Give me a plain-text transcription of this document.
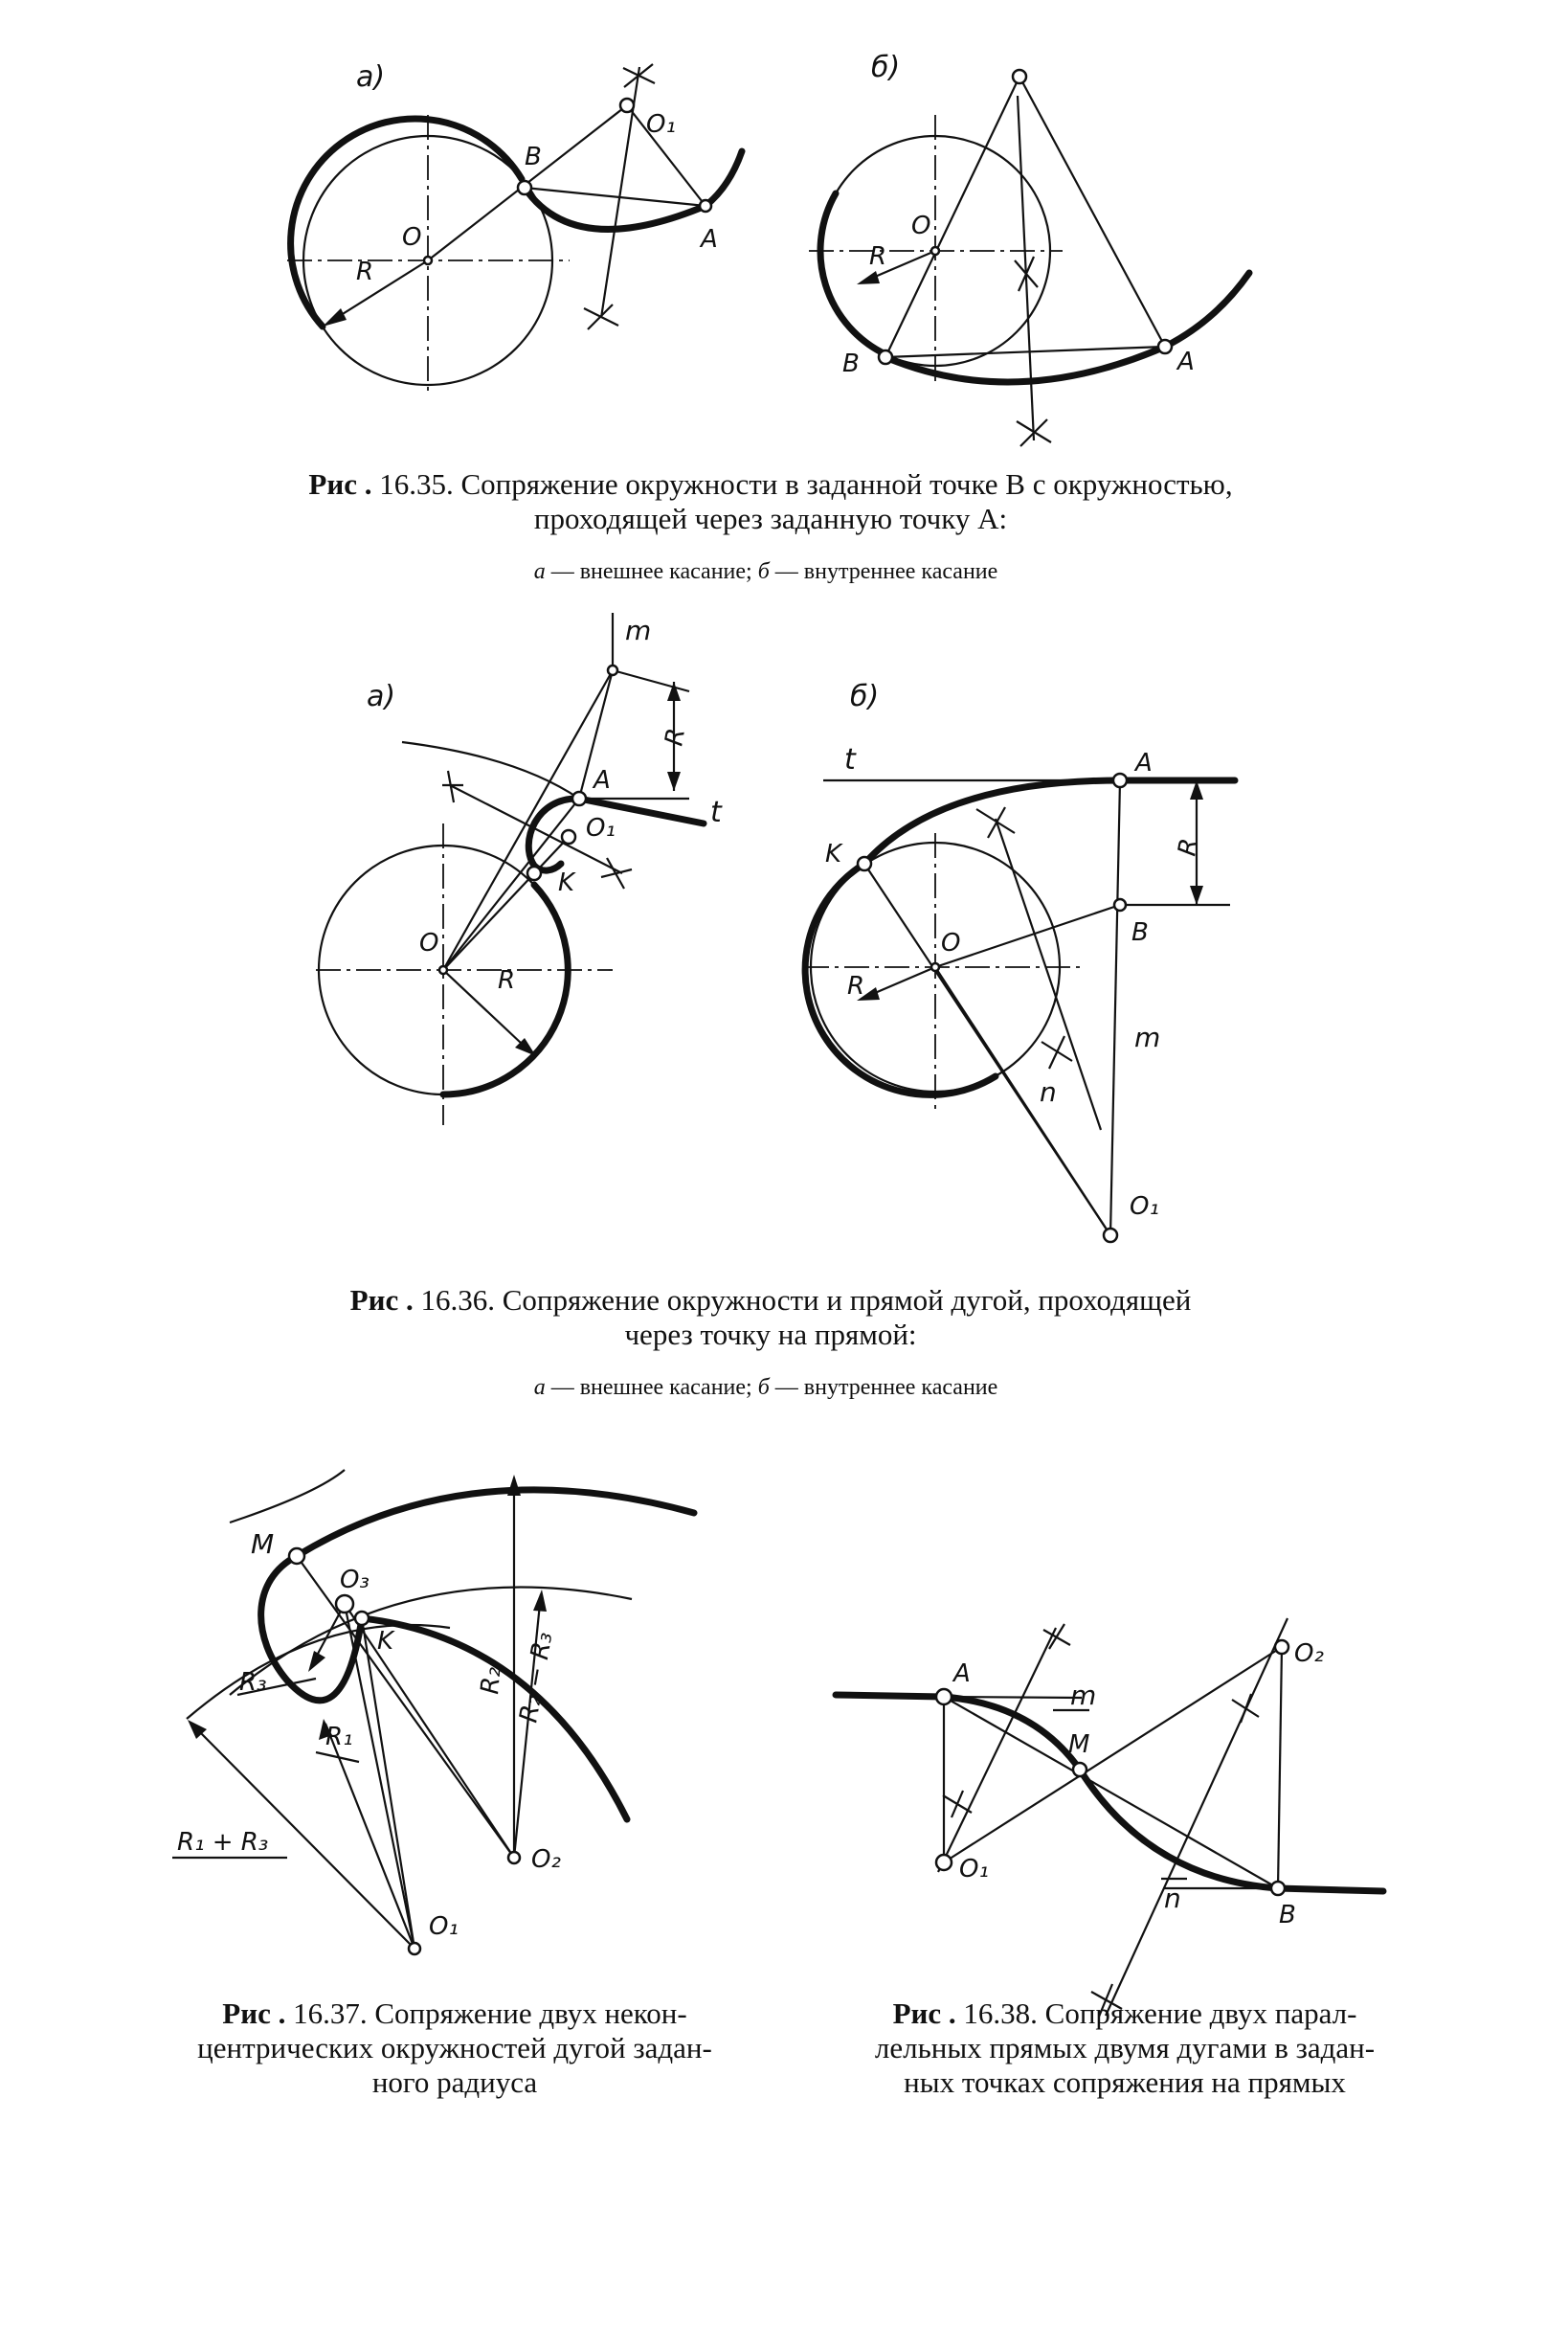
а)
O₁
B
O
R
A
б)
O
R
B	A
а)
m
R
A
t
O₁
K
O
R
б)
t	A
R
K
O	B
R
m
n
O₁
M
O₃
R₃
K
R₁
R₂ R₂ − R₃
R₁ + R₃
O₂
O₁
A
m
M
O₁
O₂
n
B
Рис . 16.35. Сопряжение окружности в заданной точке B с окружностью,
проходящей через заданную точку A:
а — внешнее касание; б — внутреннее касание
Рис . 16.36. Сопряжение окружности и прямой дугой, проходящей
через точку на прямой:
а — внешнее касание; б — внутреннее касание
Рис . 16.37. Сопряжение двух некон-
центрических окружностей дугой задан-
ного радиуса
Рис . 16.38. Сопряжение двух парал-
лельных прямых двумя дугами в задан-
ных точках сопряжения на прямых
